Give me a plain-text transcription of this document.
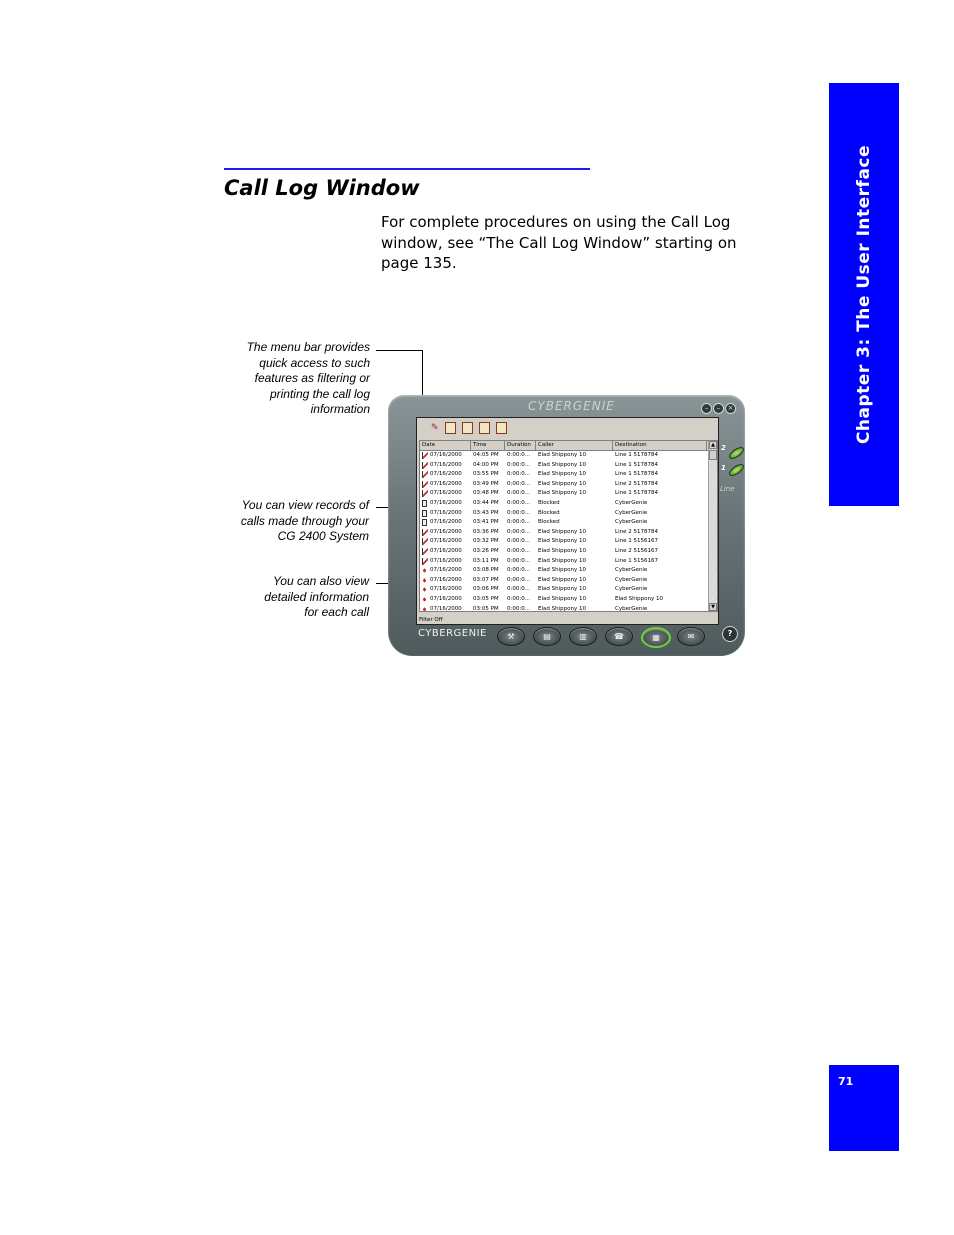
Chapter 3: The User Interface
Call Log Window

For complete procedures on using the Call Log window, see “The Call Log Window” starting on page 135.

The menu bar provides
quick access to such
features as filtering or
printing the call log
information

You can view records of
calls made through your
CG 2400 System

You can also view
detailed information
for each call

CYBERGENIE	–	–	×
✎
Date	Time	Duration	Caller	Destination
07/16/2000	04:05 PM	0:00:0...	Elad Shippony 10	Line 1 5178784
07/16/2000	04:00 PM	0:00:0...	Elad Shippony 10	Line 1 5178784
07/16/2000	03:55 PM	0:00:0...	Elad Shippony 10	Line 1 5178784
07/16/2000	03:49 PM	0:00:0...	Elad Shippony 10	Line 2 5178784
07/16/2000	03:48 PM	0:00:0...	Elad Shippony 10	Line 1 5178784
07/16/2000	03:44 PM	0:00:0...	Blocked	CyberGenie
07/16/2000	03:43 PM	0:00:0...	Blocked	CyberGenie
07/16/2000	03:41 PM	0:00:0...	Blocked	CyberGenie
07/16/2000	03:36 PM	0:00:0...	Elad Shippony 10	Line 2 5178784
07/16/2000	03:32 PM	0:00:0...	Elad Shippony 10	Line 1 5156167
07/16/2000	03:26 PM	0:00:0...	Elad Shippony 10	Line 2 5156167
07/16/2000	03:11 PM	0:00:0...	Elad Shippony 10	Line 1 5156167
07/16/2000	03:08 PM	0:00:0...	Elad Shippony 10	CyberGenie
07/16/2000	03:07 PM	0:00:0...	Elad Shippony 10	CyberGenie
07/16/2000	03:06 PM	0:00:0...	Elad Shippony 10	CyberGenie
07/16/2000	03:05 PM	0:00:0...	Elad Shippony 10	Elad Shippony 10
07/16/2000	03:05 PM	0:00:0...	Elad Shippony 10	CyberGenie
▲
▼
Filter Off
2
1
Line
CYBERGENIE	⚒	▤	▥	☎	▦	✉	?
71
